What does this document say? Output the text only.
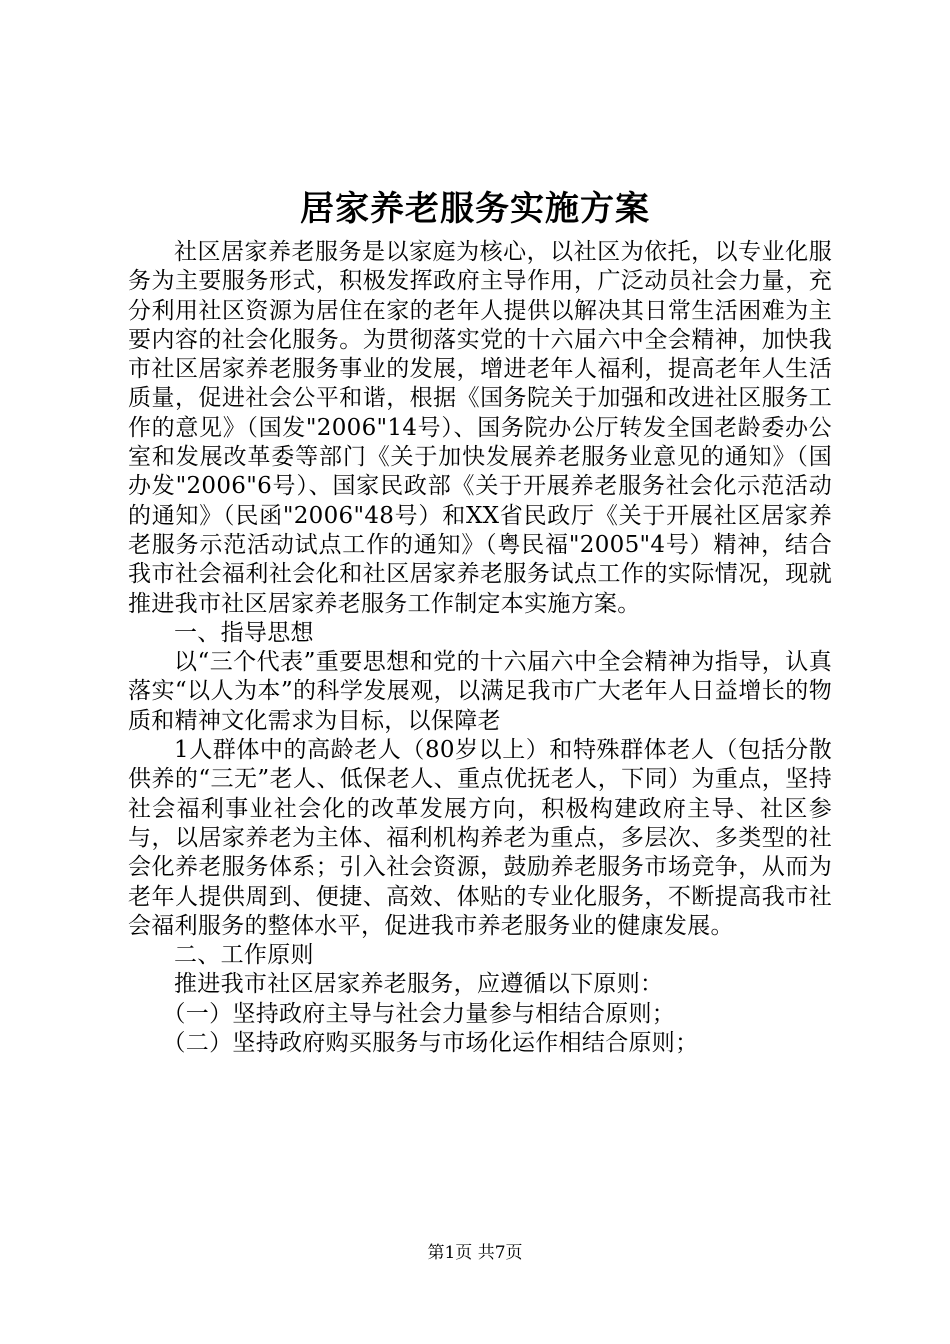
居家养老服务实施方案

社区居家养老服务是以家庭为核心，以社区为依托，以专业化服务为主要服务形式，积极发挥政府主导作用，广泛动员社会力量，充分利用社区资源为居住在家的老年人提供以解决其日常生活困难为主要内容的社会化服务。为贯彻落实党的十六届六中全会精神，加快我市社区居家养老服务事业的发展，增进老年人福利，提高老年人生活质量，促进社会公平和谐，根据《国务院关于加强和改进社区服务工作的意见》（国发"2006"14号）、国务院办公厅转发全国老龄委办公室和发展改革委等部门《关于加快发展养老服务业意见的通知》（国办发"2006"6号）、国家民政部《关于开展养老服务社会化示范活动的通知》（民函"2006"48号）和XX省民政厅《关于开展社区居家养老服务示范活动试点工作的通知》（粤民福"2005"4号）精神，结合我市社会福利社会化和社区居家养老服务试点工作的实际情况，现就推进我市社区居家养老服务工作制定本实施方案。

一、指导思想

以“三个代表”重要思想和党的十六届六中全会精神为指导，认真落实“以人为本”的科学发展观，以满足我市广大老年人日益增长的物质和精神文化需求为目标，以保障老

1人群体中的高龄老人（80岁以上）和特殊群体老人（包括分散供养的“三无”老人、低保老人、重点优抚老人，下同）为重点，坚持社会福利事业社会化的改革发展方向，积极构建政府主导、社区参与，以居家养老为主体、福利机构养老为重点，多层次、多类型的社会化养老服务体系；引入社会资源，鼓励养老服务市场竞争，从而为老年人提供周到、便捷、高效、体贴的专业化服务，不断提高我市社会福利服务的整体水平，促进我市养老服务业的健康发展。

二、工作原则

推进我市社区居家养老服务，应遵循以下原则：

（一）坚持政府主导与社会力量参与相结合原则；

（二）坚持政府购买服务与市场化运作相结合原则；

第1页 共7页
